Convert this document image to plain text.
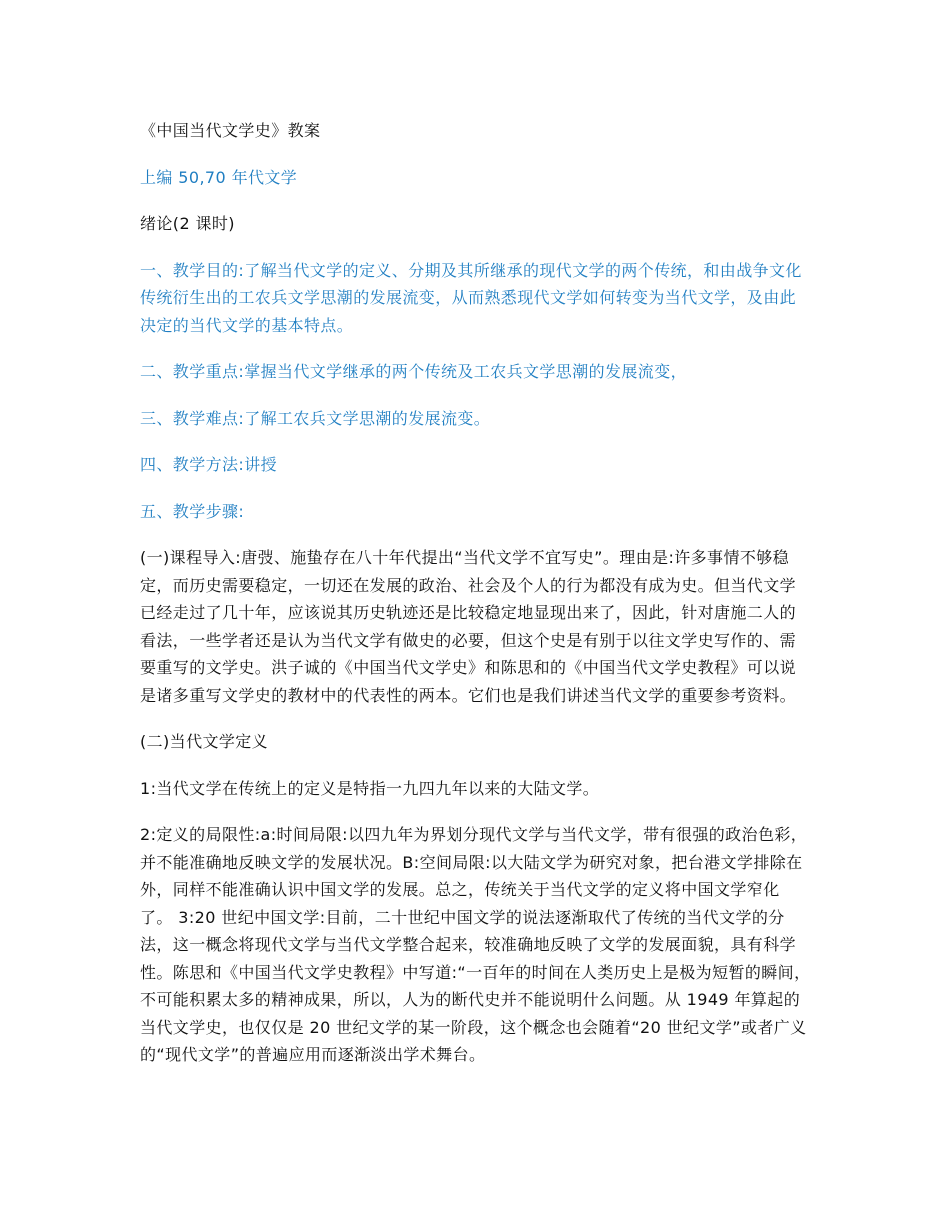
《中国当代文学史》教案

上编 50,70 年代文学

绪论(2 课时)

一、教学目的:了解当代文学的定义、分期及其所继承的现代文学的两个传统，和由战争文化传统衍生出的工农兵文学思潮的发展流变，从而熟悉现代文学如何转变为当代文学，及由此决定的当代文学的基本特点。

二、教学重点:掌握当代文学继承的两个传统及工农兵文学思潮的发展流变，

三、教学难点:了解工农兵文学思潮的发展流变。

四、教学方法:讲授

五、教学步骤:

(一)课程导入:唐弢、施蛰存在八十年代提出“当代文学不宜写史”。理由是:许多事情不够稳定，而历史需要稳定，一切还在发展的政治、社会及个人的行为都没有成为史。但当代文学已经走过了几十年，应该说其历史轨迹还是比较稳定地显现出来了，因此，针对唐施二人的看法，一些学者还是认为当代文学有做史的必要，但这个史是有别于以往文学史写作的、需要重写的文学史。洪子诚的《中国当代文学史》和陈思和的《中国当代文学史教程》可以说是诸多重写文学史的教材中的代表性的两本。它们也是我们讲述当代文学的重要参考资料。

(二)当代文学定义

1:当代文学在传统上的定义是特指一九四九年以来的大陆文学。

2:定义的局限性:a:时间局限:以四九年为界划分现代文学与当代文学，带有很强的政治色彩，并不能准确地反映文学的发展状况。B:空间局限:以大陆文学为研究对象，把台港文学排除在外，同样不能准确认识中国文学的发展。总之，传统关于当代文学的定义将中国文学窄化了。 3:20 世纪中国文学:目前，二十世纪中国文学的说法逐渐取代了传统的当代文学的分法，这一概念将现代文学与当代文学整合起来，较准确地反映了文学的发展面貌，具有科学性。陈思和《中国当代文学史教程》中写道:“一百年的时间在人类历史上是极为短暂的瞬间，不可能积累太多的精神成果，所以，人为的断代史并不能说明什么问题。从 1949 年算起的当代文学史，也仅仅是 20 世纪文学的某一阶段，这个概念也会随着“20 世纪文学”或者广义的“现代文学”的普遍应用而逐渐淡出学术舞台。
